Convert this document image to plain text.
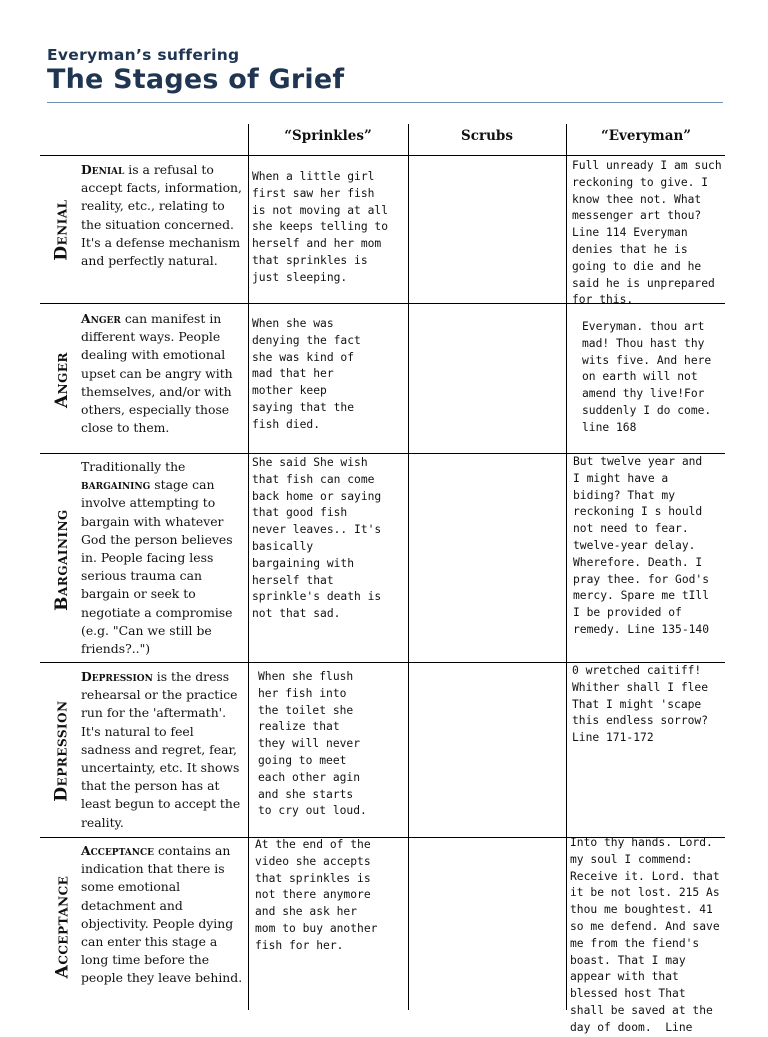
Everyman’s suffering
The Stages of Grief
“Sprinkles”	Scrubs	“Everyman”
Denial
Denial is a refusal to accept facts, information, reality, etc., relating to the situation concerned. It's a defense mechanism and perfectly natural.
When a little girl
first saw her fish
is not moving at all
she keeps telling to
herself and her mom
that sprinkles is
just sleeping.
Full unready I am such
reckoning to give. I
know thee not. What
messenger art thou?
Line 114 Everyman
denies that he is
going to die and he
said he is unprepared
for this.
Anger
Anger can manifest in different ways. People dealing with emotional upset can be angry with themselves, and/or with others, especially those close to them.
When she was
denying the fact
she was kind of
mad that her
mother keep
saying that the
fish died.
Everyman. thou art
mad! Thou hast thy
wits five. And here
on earth will not
amend thy live!For
suddenly I do come.
line 168
Bargaining
Traditionally the bargaining stage can involve attempting to bargain with whatever God the person believes in. People facing less serious trauma can bargain or seek to negotiate a compromise (e.g. "Can we still be friends?..")
She said She wish
that fish can come
back home or saying
that good fish
never leaves.. It's
basically
bargaining with
herself that
sprinkle's death is
not that sad.
But twelve year and
I might have a
biding? That my
reckoning I s hould
not need to fear.
twelve-year delay.
Wherefore. Death. I
pray thee. for God's
mercy. Spare me tIll
I be provided of
remedy. Line 135-140
Depression
Depression is the dress rehearsal or the practice run for the 'aftermath'. It's natural to feel sadness and regret, fear, uncertainty, etc. It shows that the person has at least begun to accept the reality.
When she flush
her fish into
the toilet she
realize that
they will never
going to meet
each other agin
and she starts
to cry out loud.
0 wretched caitiff!
Whither shall I flee
That I might 'scape
this endless sorrow?
Line 171-172
Acceptance
Acceptance contains an indication that there is some emotional detachment and objectivity. People dying can enter this stage a long time before the people they leave behind.
At the end of the
video she accepts
that sprinkles is
not there anymore
and she ask her
mom to buy another
fish for her.
Into thy hands. Lord.
my soul I commend:
Receive it. Lord. that
it be not lost. 215 As
thou me boughtest. 41
so me defend. And save
me from the fiend's
boast. That I may
appear with that
blessed host That
shall be saved at the
day of doom.  Line
